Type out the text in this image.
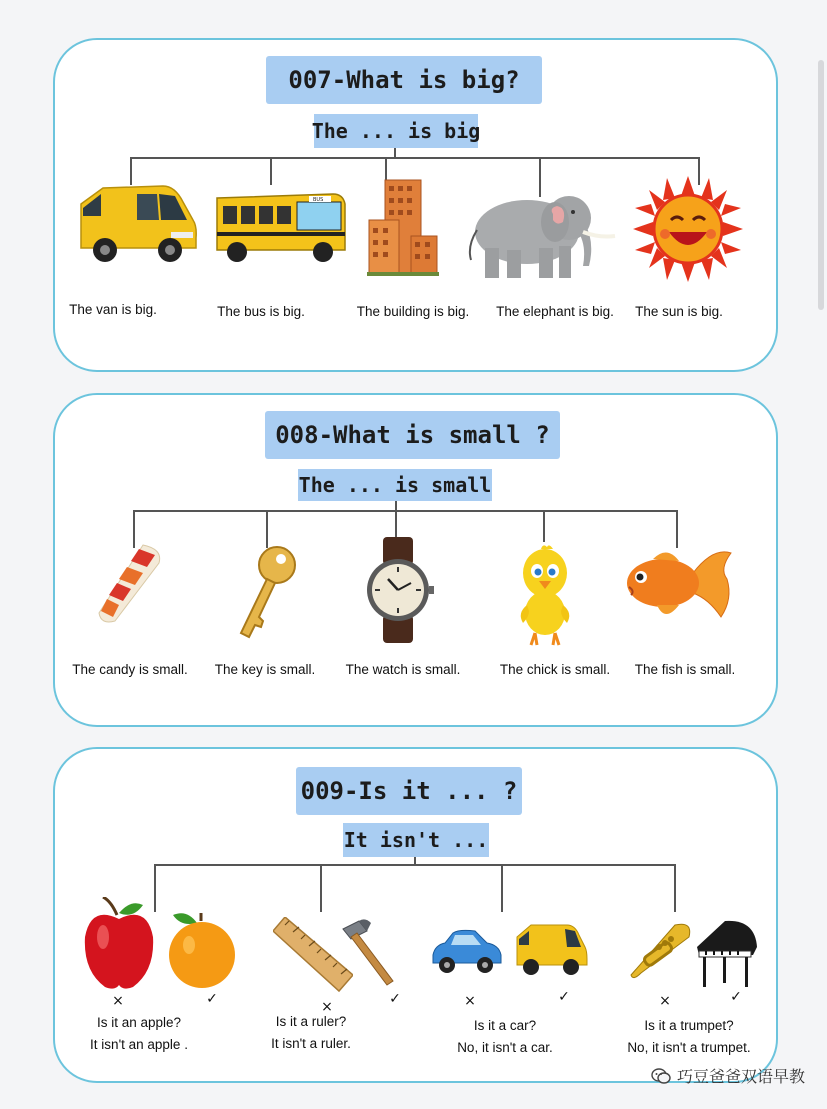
007-What is big?
The ... is big
The van is big.
BUS
The bus is big.	The building is big. The elephant is big. The sun is big.
008-What is small ?
The ... is small
The candy is small. The key is small. The watch is small.	The chick is small. The fish is small.
009-Is it ... ?
It isn't ...
×	✓
Is it an apple?
It isn't an apple .
×	✓
Is it a ruler?
It isn't a ruler.
×	✓
Is it a car?
No, it isn't a car.
×	✓
Is it a trumpet?
No, it isn't a trumpet.
巧豆爸爸双语早教
